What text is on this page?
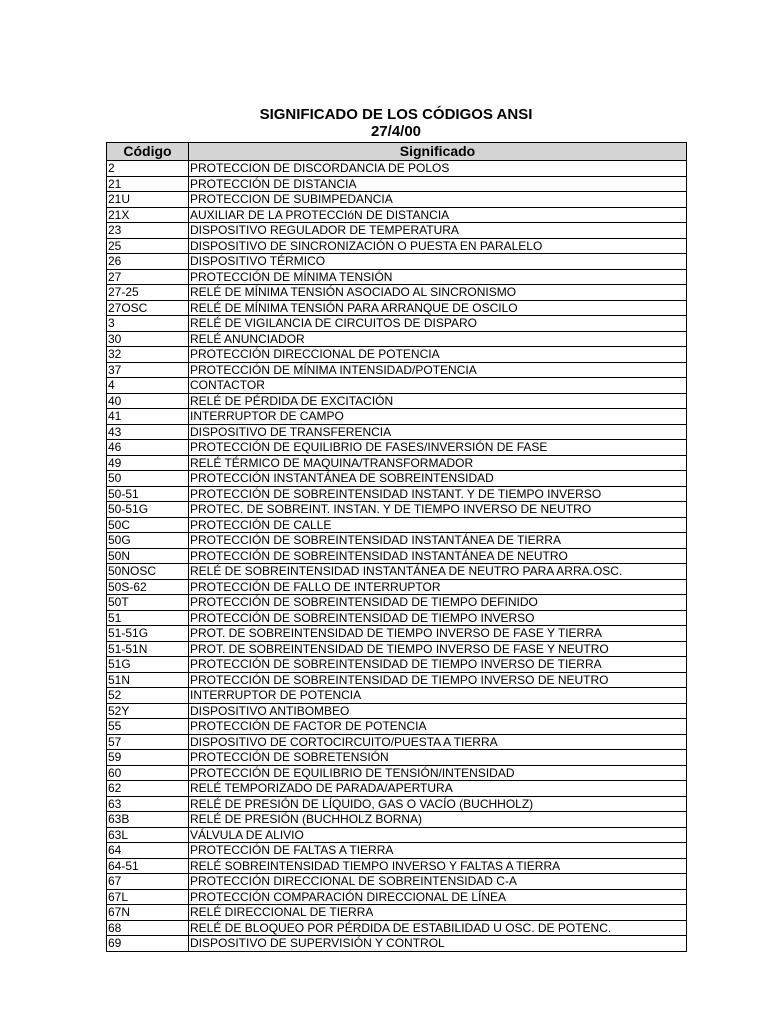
SIGNIFICADO DE LOS CÓDIGOS ANSI
27/4/00
Código	Significado
2	PROTECCION DE DISCORDANCIA DE POLOS
21	PROTECCIÓN DE DISTANCIA
21U	PROTECCION DE SUBIMPEDANCIA
21X	AUXILIAR DE LA PROTECCIóN DE DISTANCIA
23	DISPOSITIVO REGULADOR DE TEMPERATURA
25	DISPOSITIVO DE SINCRONIZACIÓN O PUESTA EN PARALELO
26	DISPOSITIVO TÉRMICO
27	PROTECCIÓN DE MÍNIMA TENSIÓN
27-25	RELÉ DE MÍNIMA TENSIÓN ASOCIADO AL SINCRONISMO
27OSC	RELÉ DE MÍNIMA TENSIÓN PARA ARRANQUE DE OSCILO
3	RELÉ DE VIGILANCIA DE CIRCUITOS DE DISPARO
30	RELÉ ANUNCIADOR
32	PROTECCIÓN DIRECCIONAL DE POTENCIA
37	PROTECCIÓN DE MÍNIMA INTENSIDAD/POTENCIA
4	CONTACTOR
40	RELÉ DE PÉRDIDA DE EXCITACIÓN
41	INTERRUPTOR DE CAMPO
43	DISPOSITIVO DE TRANSFERENCIA
46	PROTECCIÓN DE EQUILIBRIO DE FASES/INVERSIÓN DE FASE
49	RELÉ TÉRMICO DE MAQUINA/TRANSFORMADOR
50	PROTECCIÓN INSTANTÁNEA DE SOBREINTENSIDAD
50-51	PROTECCIÓN DE SOBREINTENSIDAD INSTANT. Y DE TIEMPO INVERSO
50-51G	PROTEC. DE SOBREINT. INSTAN. Y DE TIEMPO INVERSO DE NEUTRO
50C	PROTECCIÓN DE CALLE
50G	PROTECCIÓN DE SOBREINTENSIDAD INSTANTÁNEA DE TIERRA
50N	PROTECCIÓN DE SOBREINTENSIDAD INSTANTÁNEA DE NEUTRO
50NOSC	RELÉ DE SOBREINTENSIDAD INSTANTÁNEA DE NEUTRO PARA ARRA.OSC.
50S-62	PROTECCIÓN DE FALLO DE INTERRUPTOR
50T	PROTECCIÓN DE SOBREINTENSIDAD DE TIEMPO DEFINIDO
51	PROTECCIÓN DE SOBREINTENSIDAD DE TIEMPO INVERSO
51-51G	PROT. DE SOBREINTENSIDAD DE TIEMPO INVERSO DE FASE Y TIERRA
51-51N	PROT. DE SOBREINTENSIDAD DE TIEMPO INVERSO DE FASE Y NEUTRO
51G	PROTECCIÓN DE SOBREINTENSIDAD DE TIEMPO INVERSO DE TIERRA
51N	PROTECCIÓN DE SOBREINTENSIDAD DE TIEMPO INVERSO DE NEUTRO
52	INTERRUPTOR DE POTENCIA
52Y	DISPOSITIVO ANTIBOMBEO
55	PROTECCIÓN DE FACTOR DE POTENCIA
57	DISPOSITIVO DE CORTOCIRCUITO/PUESTA A TIERRA
59	PROTECCIÓN DE SOBRETENSIÓN
60	PROTECCIÓN DE EQUILIBRIO DE TENSIÓN/INTENSIDAD
62	RELÉ TEMPORIZADO DE PARADA/APERTURA
63	RELÉ DE PRESIÓN DE LÍQUIDO, GAS O VACÍO (BUCHHOLZ)
63B	RELÉ DE PRESIÓN (BUCHHOLZ BORNA)
63L	VÁLVULA DE ALIVIO
64	PROTECCIÓN DE FALTAS A TIERRA
64-51	RELÉ SOBREINTENSIDAD TIEMPO INVERSO Y FALTAS A TIERRA
67	PROTECCIÓN DIRECCIONAL DE SOBREINTENSIDAD C-A
67L	PROTECCIÓN COMPARACIÓN DIRECCIONAL DE LÍNEA
67N	RELÉ DIRECCIONAL DE TIERRA
68	RELÉ DE BLOQUEO POR PÉRDIDA DE ESTABILIDAD U OSC. DE POTENC.
69	DISPOSITIVO DE SUPERVISIÓN Y CONTROL
